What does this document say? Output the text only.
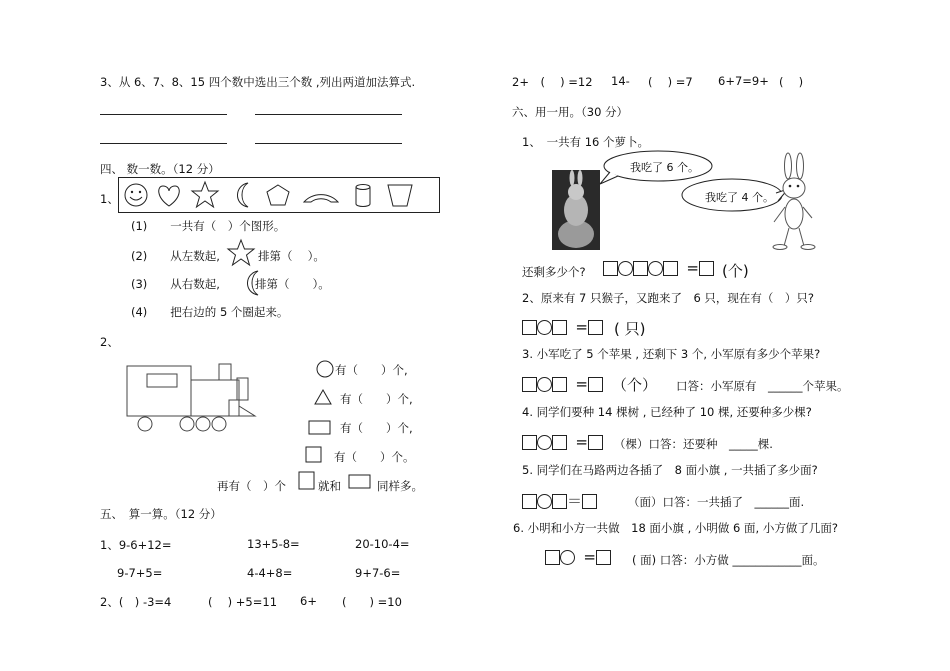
3、从 6、7、8、15 四个数中选出三个数 ,列出两道加法算式.
四、 数一数。（12 分）
1、
(1)　　一共有（　）个图形。
(2)　　从左数起,	排第（　 ）。
(3)　　从右数起,	排第（　　）。
(4)　　把右边的 5 个圈起来。
2、
有（　　）个,
有（　　）个,
有（　　）个,
有（　　）个。
再有（　）个	就和	同样多。
五、　算一算。（12 分）
1、9-6+12=	13+5-8=	20-10-4=
9-7+5=	4-4+8=	9+7-6=
2、(　) -3=4	(　 ) +5=11 6+ (　　) =10
2+　(　 ) =12 14- (　 ) =7 6+7=9+ (　 )
六、用一用。（30 分）
1、　一共有 16 个萝卜。
我吃了 6 个。
我吃了 4 个。
还剩多少个?	=	(个)
2、原来有 7 只猴子，又跑来了　6 只，现在有（　）只?
=	( 只)
3. 小军吃了 5 个苹果 , 还剩下 3 个, 小军原有多少个苹果?
=	（个） 口答：小军原有　______个苹果。
4. 同学们要种 14 棵树 , 已经种了 10 棵, 还要种多少棵?
=	（棵）口答：还要种　_____棵.
5. 同学们在马路两边各插了　8 面小旗 , 一共插了多少面?
＝	（面）口答：一共插了　______面.
6. 小明和小方一共做　18 面小旗 , 小明做 6 面, 小方做了几面?
=	( 面) 口答：小方做 ____________面。
